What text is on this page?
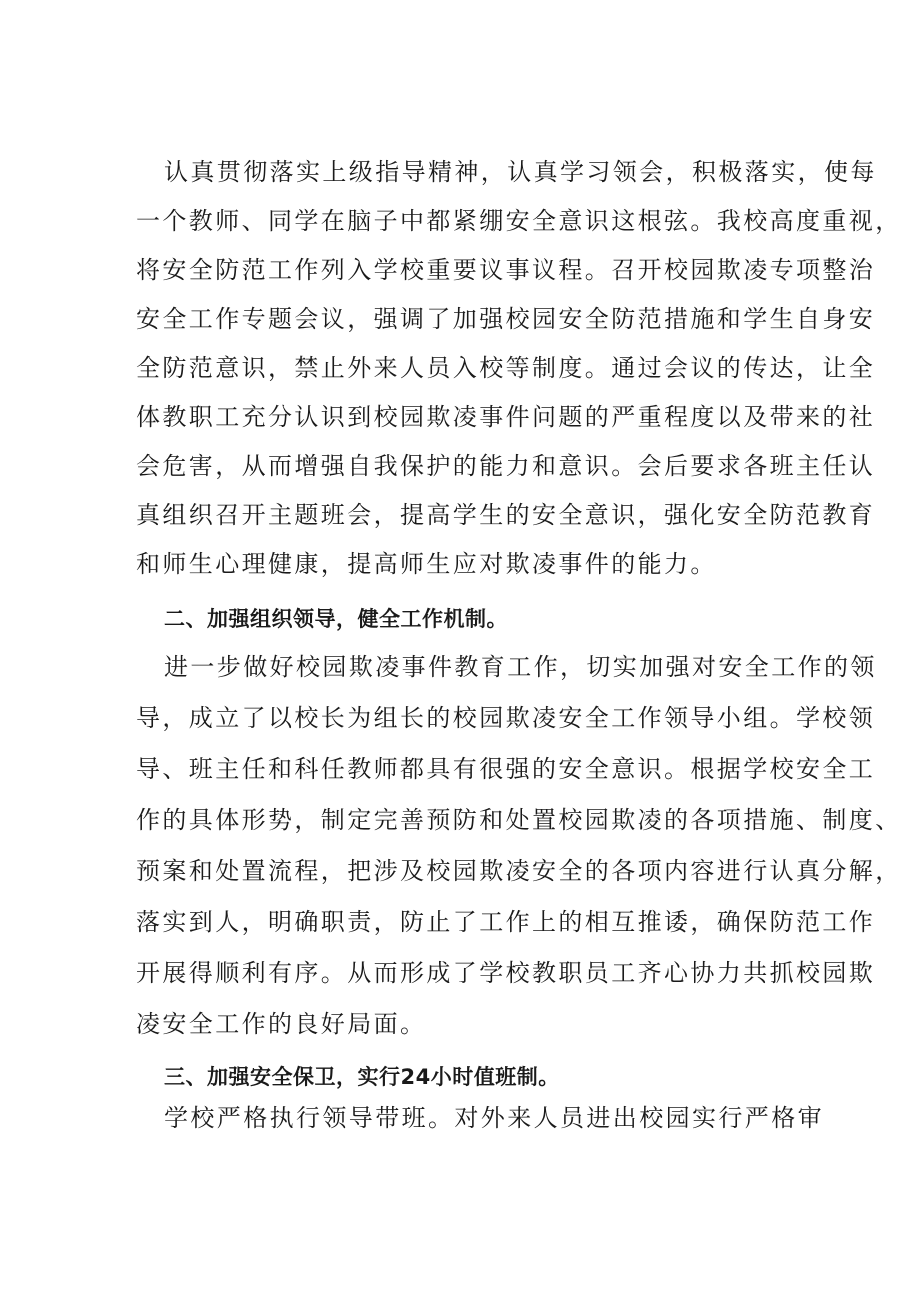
认真贯彻落实上级指导精神，认真学习领会，积极落实，使每
一个教师、同学在脑子中都紧绷安全意识这根弦。我校高度重视，
将安全防范工作列入学校重要议事议程。召开校园欺凌专项整治
安全工作专题会议，强调了加强校园安全防范措施和学生自身安
全防范意识，禁止外来人员入校等制度。通过会议的传达，让全
体教职工充分认识到校园欺凌事件问题的严重程度以及带来的社
会危害，从而增强自我保护的能力和意识。会后要求各班主任认
真组织召开主题班会，提高学生的安全意识，强化安全防范教育
和师生心理健康，提高师生应对欺凌事件的能力。
二、加强组织领导，健全工作机制。
进一步做好校园欺凌事件教育工作，切实加强对安全工作的领
导，成立了以校长为组长的校园欺凌安全工作领导小组。学校领
导、班主任和科任教师都具有很强的安全意识。根据学校安全工
作的具体形势，制定完善预防和处置校园欺凌的各项措施、制度、
预案和处置流程，把涉及校园欺凌安全的各项内容进行认真分解，
落实到人，明确职责，防止了工作上的相互推诿，确保防范工作
开展得顺利有序。从而形成了学校教职员工齐心协力共抓校园欺
凌安全工作的良好局面。
三、加强安全保卫，实行24小时值班制。
学校严格执行领导带班。对外来人员进出校园实行严格审
